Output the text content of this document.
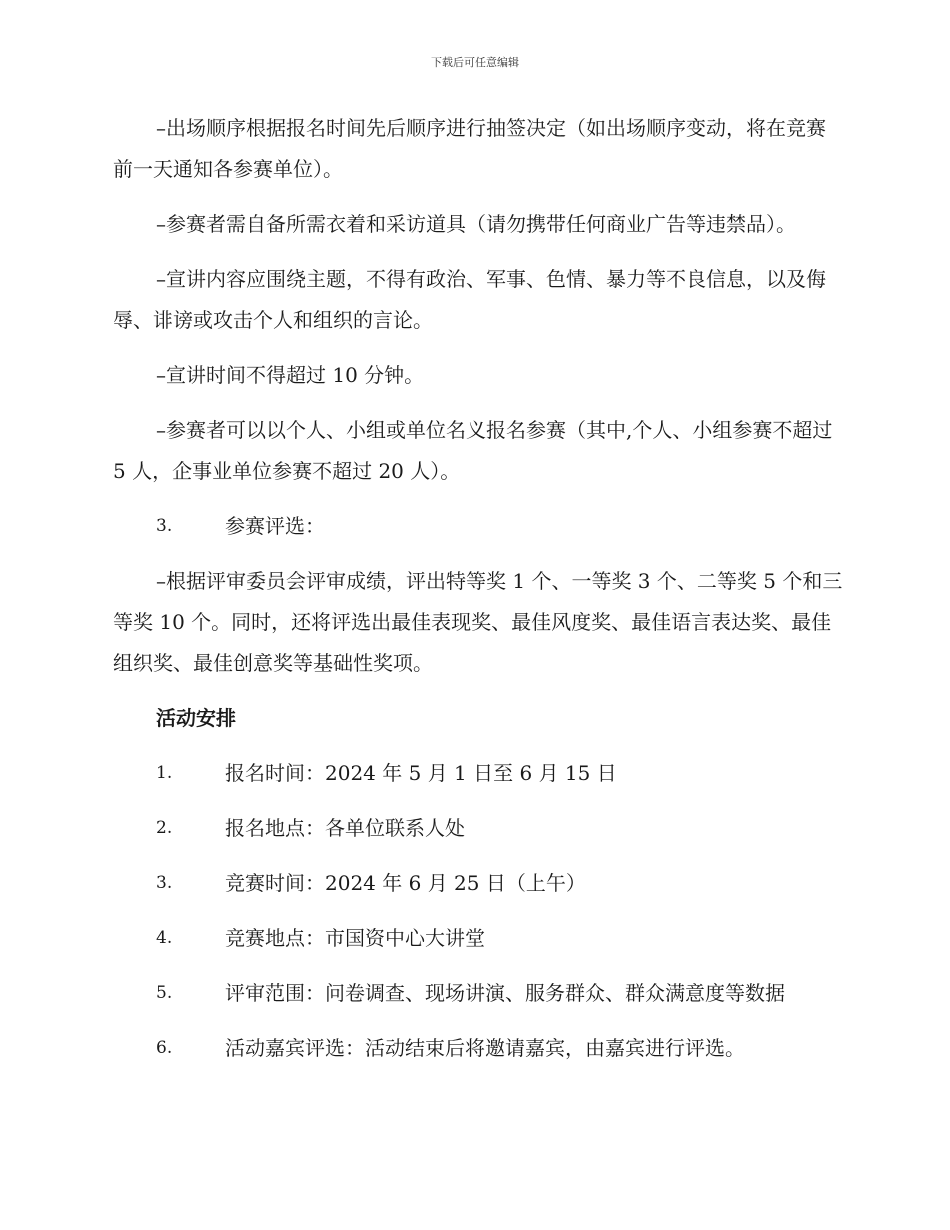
下载后可任意编辑

–出场顺序根据报名时间先后顺序进行抽签决定（如出场顺序变动，将在竞赛前一天通知各参赛单位）。

–参赛者需自备所需衣着和采访道具（请勿携带任何商业广告等违禁品）。

–宣讲内容应围绕主题，不得有政治、军事、色情、暴力等不良信息，以及侮辱、诽谤或攻击个人和组织的言论。

–宣讲时间不得超过 10 分钟。

–参赛者可以以个人、小组或单位名义报名参赛（其中,个人、小组参赛不超过 5 人，企事业单位参赛不超过 20 人）。

3.	参赛评选：

–根据评审委员会评审成绩，评出特等奖 1 个、一等奖 3 个、二等奖 5 个和三等奖 10 个。同时，还将评选出最佳表现奖、最佳风度奖、最佳语言表达奖、最佳组织奖、最佳创意奖等基础性奖项。

活动安排
1.	报名时间：2024 年 5 月 1 日至 6 月 15 日
2.	报名地点：各单位联系人处
3.	竞赛时间：2024 年 6 月 25 日（上午）
4.	竞赛地点：市国资中心大讲堂
5.	评审范围：问卷调查、现场讲演、服务群众、群众满意度等数据
6.	活动嘉宾评选：活动结束后将邀请嘉宾，由嘉宾进行评选。
